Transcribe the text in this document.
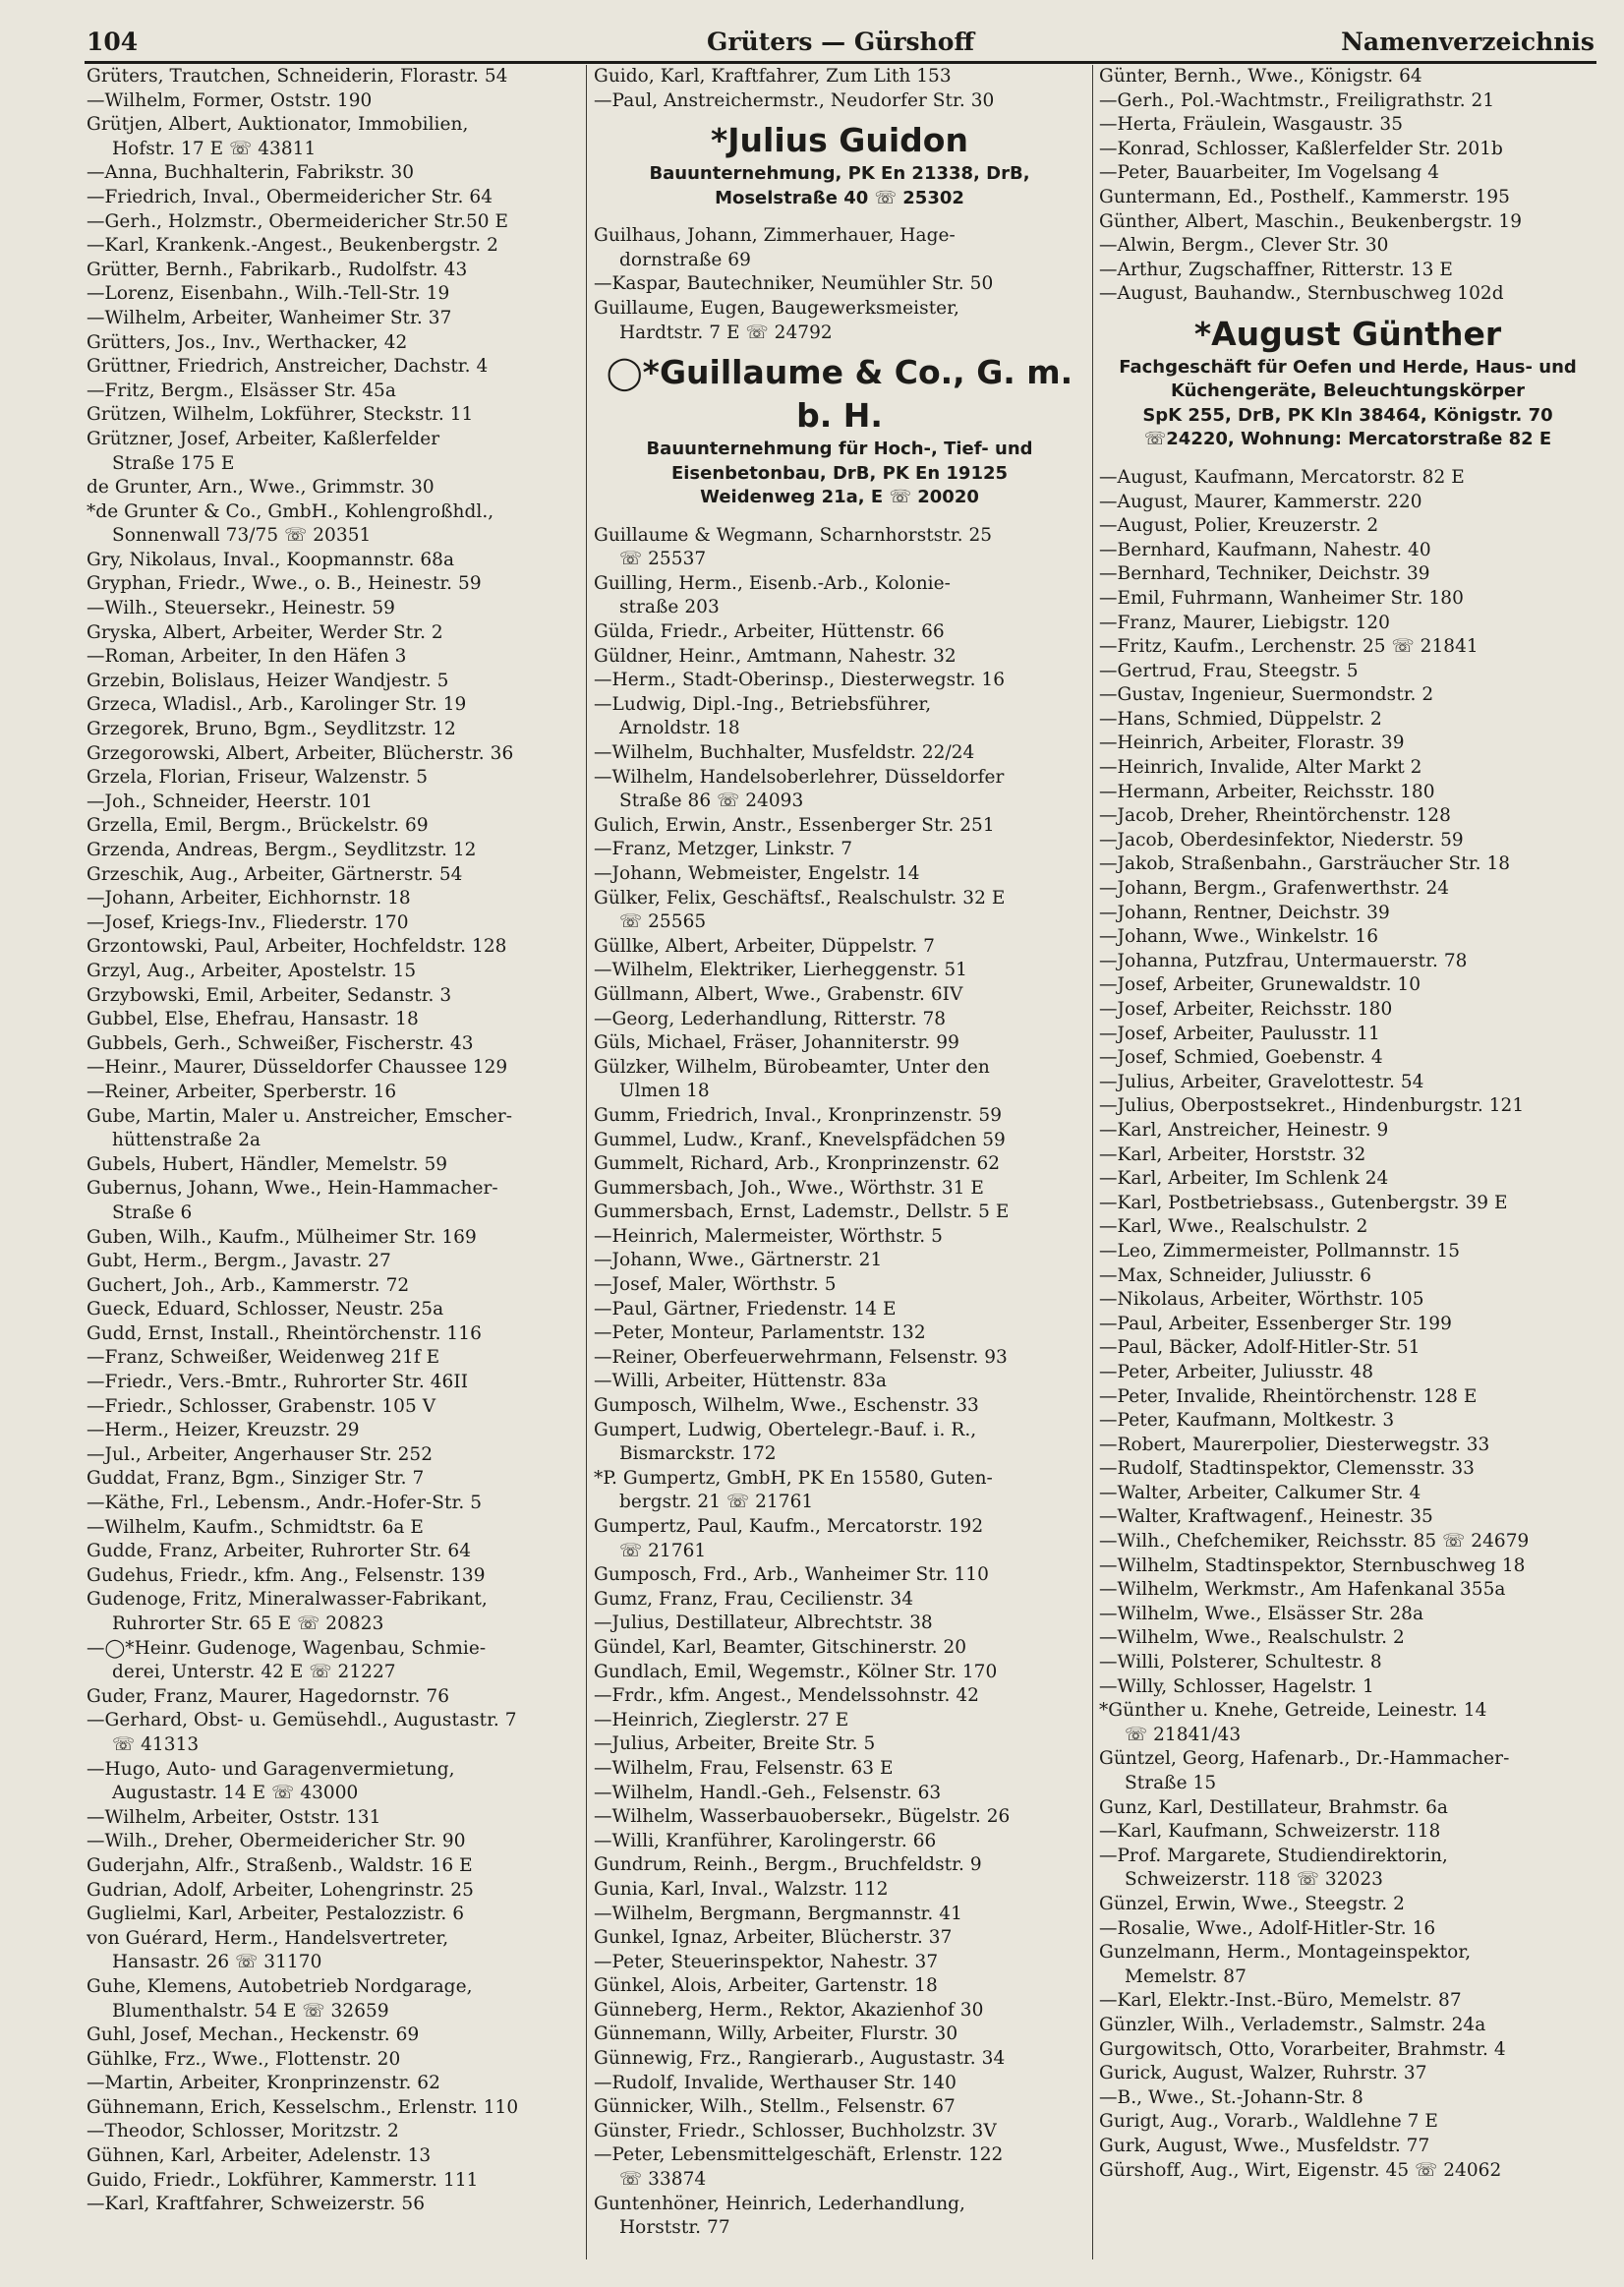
Grüters — Gürshoff
104	Namenverzeichnis
Grüters, Trautchen, Schneiderin, Florastr. 54
—Wilhelm, Former, Oststr. 190
Grütjen, Albert, Auktionator, Immobilien,
Hofstr. 17 E ☏ 43811
—Anna, Buchhalterin, Fabrikstr. 30
—Friedrich, Inval., Obermeidericher Str. 64
—Gerh., Holzmstr., Obermeidericher Str.50 E
—Karl, Krankenk.-Angest., Beukenbergstr. 2
Grütter, Bernh., Fabrikarb., Rudolfstr. 43
—Lorenz, Eisenbahn., Wilh.-Tell-Str. 19
—Wilhelm, Arbeiter, Wanheimer Str. 37
Grütters, Jos., Inv., Werthacker, 42
Grüttner, Friedrich, Anstreicher, Dachstr. 4
—Fritz, Bergm., Elsässer Str. 45a
Grützen, Wilhelm, Lokführer, Steckstr. 11
Grützner, Josef, Arbeiter, Kaßlerfelder
Straße 175 E
de Grunter, Arn., Wwe., Grimmstr. 30
*de Grunter & Co., GmbH., Kohlengroßhdl.,
Sonnenwall 73/75 ☏ 20351
Gry, Nikolaus, Inval., Koopmannstr. 68a
Gryphan, Friedr., Wwe., o. B., Heinestr. 59
—Wilh., Steuersekr., Heinestr. 59
Gryska, Albert, Arbeiter, Werder Str. 2
—Roman, Arbeiter, In den Häfen 3
Grzebin, Bolislaus, Heizer Wandjestr. 5
Grzeca, Wladisl., Arb., Karolinger Str. 19
Grzegorek, Bruno, Bgm., Seydlitzstr. 12
Grzegorowski, Albert, Arbeiter, Blücherstr. 36
Grzela, Florian, Friseur, Walzenstr. 5
—Joh., Schneider, Heerstr. 101
Grzella, Emil, Bergm., Brückelstr. 69
Grzenda, Andreas, Bergm., Seydlitzstr. 12
Grzeschik, Aug., Arbeiter, Gärtnerstr. 54
—Johann, Arbeiter, Eichhornstr. 18
—Josef, Kriegs-Inv., Fliederstr. 170
Grzontowski, Paul, Arbeiter, Hochfeldstr. 128
Grzyl, Aug., Arbeiter, Apostelstr. 15
Grzybowski, Emil, Arbeiter, Sedanstr. 3
Gubbel, Else, Ehefrau, Hansastr. 18
Gubbels, Gerh., Schweißer, Fischerstr. 43
—Heinr., Maurer, Düsseldorfer Chaussee 129
—Reiner, Arbeiter, Sperberstr. 16
Gube, Martin, Maler u. Anstreicher, Emscher-
hüttenstraße 2a
Gubels, Hubert, Händler, Memelstr. 59
Gubernus, Johann, Wwe., Hein-Hammacher-
Straße 6
Guben, Wilh., Kaufm., Mülheimer Str. 169
Gubt, Herm., Bergm., Javastr. 27
Guchert, Joh., Arb., Kammerstr. 72
Gueck, Eduard, Schlosser, Neustr. 25a
Gudd, Ernst, Install., Rheintörchenstr. 116
—Franz, Schweißer, Weidenweg 21f E
—Friedr., Vers.-Bmtr., Ruhrorter Str. 46II
—Friedr., Schlosser, Grabenstr. 105 V
—Herm., Heizer, Kreuzstr. 29
—Jul., Arbeiter, Angerhauser Str. 252
Guddat, Franz, Bgm., Sinziger Str. 7
—Käthe, Frl., Lebensm., Andr.-Hofer-Str. 5
—Wilhelm, Kaufm., Schmidtstr. 6a E
Gudde, Franz, Arbeiter, Ruhrorter Str. 64
Gudehus, Friedr., kfm. Ang., Felsenstr. 139
Gudenoge, Fritz, Mineralwasser-Fabrikant,
Ruhrorter Str. 65 E ☏ 20823
—◯*Heinr. Gudenoge, Wagenbau, Schmie-
derei, Unterstr. 42 E ☏ 21227
Guder, Franz, Maurer, Hagedornstr. 76
—Gerhard, Obst- u. Gemüsehdl., Augustastr. 7
☏ 41313
—Hugo, Auto- und Garagenvermietung,
Augustastr. 14 E ☏ 43000
—Wilhelm, Arbeiter, Oststr. 131
—Wilh., Dreher, Obermeidericher Str. 90
Guderjahn, Alfr., Straßenb., Waldstr. 16 E
Gudrian, Adolf, Arbeiter, Lohengrinstr. 25
Guglielmi, Karl, Arbeiter, Pestalozzistr. 6
von Guérard, Herm., Handelsvertreter,
Hansastr. 26 ☏ 31170
Guhe, Klemens, Autobetrieb Nordgarage,
Blumenthalstr. 54 E ☏ 32659
Guhl, Josef, Mechan., Heckenstr. 69
Gühlke, Frz., Wwe., Flottenstr. 20
—Martin, Arbeiter, Kronprinzenstr. 62
Gühnemann, Erich, Kesselschm., Erlenstr. 110
—Theodor, Schlosser, Moritzstr. 2
Gühnen, Karl, Arbeiter, Adelenstr. 13
Guido, Friedr., Lokführer, Kammerstr. 111
—Karl, Kraftfahrer, Schweizerstr. 56
Guido, Karl, Kraftfahrer, Zum Lith 153
—Paul, Anstreichermstr., Neudorfer Str. 30
*Julius Guidon
Bauunternehmung, PK En 21338, DrB,
Moselstraße 40 ☏ 25302
Guilhaus, Johann, Zimmerhauer, Hage-
dornstraße 69
—Kaspar, Bautechniker, Neumühler Str. 50
Guillaume, Eugen, Baugewerksmeister,
Hardtstr. 7 E ☏ 24792
◯*Guillaume & Co., G. m. b. H.
Bauunternehmung für Hoch-, Tief- und
Eisenbetonbau, DrB, PK En 19125
Weidenweg 21a, E ☏ 20020
Guillaume & Wegmann, Scharnhorststr. 25
☏ 25537
Guilling, Herm., Eisenb.-Arb., Kolonie-
straße 203
Gülda, Friedr., Arbeiter, Hüttenstr. 66
Güldner, Heinr., Amtmann, Nahestr. 32
—Herm., Stadt-Oberinsp., Diesterwegstr. 16
—Ludwig, Dipl.-Ing., Betriebsführer,
Arnoldstr. 18
—Wilhelm, Buchhalter, Musfeldstr. 22/24
—Wilhelm, Handelsoberlehrer, Düsseldorfer
Straße 86 ☏ 24093
Gulich, Erwin, Anstr., Essenberger Str. 251
—Franz, Metzger, Linkstr. 7
—Johann, Webmeister, Engelstr. 14
Gülker, Felix, Geschäftsf., Realschulstr. 32 E
☏ 25565
Güllke, Albert, Arbeiter, Düppelstr. 7
—Wilhelm, Elektriker, Lierheggenstr. 51
Güllmann, Albert, Wwe., Grabenstr. 6IV
—Georg, Lederhandlung, Ritterstr. 78
Güls, Michael, Fräser, Johanniterstr. 99
Gülzker, Wilhelm, Bürobeamter, Unter den
Ulmen 18
Gumm, Friedrich, Inval., Kronprinzenstr. 59
Gummel, Ludw., Kranf., Knevelspfädchen 59
Gummelt, Richard, Arb., Kronprinzenstr. 62
Gummersbach, Joh., Wwe., Wörthstr. 31 E
Gummersbach, Ernst, Lademstr., Dellstr. 5 E
—Heinrich, Malermeister, Wörthstr. 5
—Johann, Wwe., Gärtnerstr. 21
—Josef, Maler, Wörthstr. 5
—Paul, Gärtner, Friedenstr. 14 E
—Peter, Monteur, Parlamentstr. 132
—Reiner, Oberfeuerwehrmann, Felsenstr. 93
—Willi, Arbeiter, Hüttenstr. 83a
Gumposch, Wilhelm, Wwe., Eschenstr. 33
Gumpert, Ludwig, Obertelegr.-Bauf. i. R.,
Bismarckstr. 172
*P. Gumpertz, GmbH, PK En 15580, Guten-
bergstr. 21 ☏ 21761
Gumpertz, Paul, Kaufm., Mercatorstr. 192
☏ 21761
Gumposch, Frd., Arb., Wanheimer Str. 110
Gumz, Franz, Frau, Cecilienstr. 34
—Julius, Destillateur, Albrechtstr. 38
Gündel, Karl, Beamter, Gitschinerstr. 20
Gundlach, Emil, Wegemstr., Kölner Str. 170
—Frdr., kfm. Angest., Mendelssohnstr. 42
—Heinrich, Zieglerstr. 27 E
—Julius, Arbeiter, Breite Str. 5
—Wilhelm, Frau, Felsenstr. 63 E
—Wilhelm, Handl.-Geh., Felsenstr. 63
—Wilhelm, Wasserbauobersekr., Bügelstr. 26
—Willi, Kranführer, Karolingerstr. 66
Gundrum, Reinh., Bergm., Bruchfeldstr. 9
Gunia, Karl, Inval., Walzstr. 112
—Wilhelm, Bergmann, Bergmannstr. 41
Gunkel, Ignaz, Arbeiter, Blücherstr. 37
—Peter, Steuerinspektor, Nahestr. 37
Günkel, Alois, Arbeiter, Gartenstr. 18
Günneberg, Herm., Rektor, Akazienhof 30
Günnemann, Willy, Arbeiter, Flurstr. 30
Günnewig, Frz., Rangierarb., Augustastr. 34
—Rudolf, Invalide, Werthauser Str. 140
Günnicker, Wilh., Stellm., Felsenstr. 67
Günster, Friedr., Schlosser, Buchholzstr. 3V
—Peter, Lebensmittelgeschäft, Erlenstr. 122
☏ 33874
Guntenhöner, Heinrich, Lederhandlung,
Horststr. 77
Günter, Bernh., Wwe., Königstr. 64
—Gerh., Pol.-Wachtmstr., Freiligrathstr. 21
—Herta, Fräulein, Wasgaustr. 35
—Konrad, Schlosser, Kaßlerfelder Str. 201b
—Peter, Bauarbeiter, Im Vogelsang 4
Guntermann, Ed., Posthelf., Kammerstr. 195
Günther, Albert, Maschin., Beukenbergstr. 19
—Alwin, Bergm., Clever Str. 30
—Arthur, Zugschaffner, Ritterstr. 13 E
—August, Bauhandw., Sternbuschweg 102d
*August Günther
Fachgeschäft für Oefen und Herde, Haus- und
Küchengeräte, Beleuchtungskörper
SpK 255, DrB, PK Kln 38464, Königstr. 70
☏24220, Wohnung: Mercatorstraße 82 E
—August, Kaufmann, Mercatorstr. 82 E
—August, Maurer, Kammerstr. 220
—August, Polier, Kreuzerstr. 2
—Bernhard, Kaufmann, Nahestr. 40
—Bernhard, Techniker, Deichstr. 39
—Emil, Fuhrmann, Wanheimer Str. 180
—Franz, Maurer, Liebigstr. 120
—Fritz, Kaufm., Lerchenstr. 25 ☏ 21841
—Gertrud, Frau, Steegstr. 5
—Gustav, Ingenieur, Suermondstr. 2
—Hans, Schmied, Düppelstr. 2
—Heinrich, Arbeiter, Florastr. 39
—Heinrich, Invalide, Alter Markt 2
—Hermann, Arbeiter, Reichsstr. 180
—Jacob, Dreher, Rheintörchenstr. 128
—Jacob, Oberdesinfektor, Niederstr. 59
—Jakob, Straßenbahn., Garsträucher Str. 18
—Johann, Bergm., Grafenwerthstr. 24
—Johann, Rentner, Deichstr. 39
—Johann, Wwe., Winkelstr. 16
—Johanna, Putzfrau, Untermauerstr. 78
—Josef, Arbeiter, Grunewaldstr. 10
—Josef, Arbeiter, Reichsstr. 180
—Josef, Arbeiter, Paulusstr. 11
—Josef, Schmied, Goebenstr. 4
—Julius, Arbeiter, Gravelottestr. 54
—Julius, Oberpostsekret., Hindenburgstr. 121
—Karl, Anstreicher, Heinestr. 9
—Karl, Arbeiter, Horststr. 32
—Karl, Arbeiter, Im Schlenk 24
—Karl, Postbetriebsass., Gutenbergstr. 39 E
—Karl, Wwe., Realschulstr. 2
—Leo, Zimmermeister, Pollmannstr. 15
—Max, Schneider, Juliusstr. 6
—Nikolaus, Arbeiter, Wörthstr. 105
—Paul, Arbeiter, Essenberger Str. 199
—Paul, Bäcker, Adolf-Hitler-Str. 51
—Peter, Arbeiter, Juliusstr. 48
—Peter, Invalide, Rheintörchenstr. 128 E
—Peter, Kaufmann, Moltkestr. 3
—Robert, Maurerpolier, Diesterwegstr. 33
—Rudolf, Stadtinspektor, Clemensstr. 33
—Walter, Arbeiter, Calkumer Str. 4
—Walter, Kraftwagenf., Heinestr. 35
—Wilh., Chefchemiker, Reichsstr. 85 ☏ 24679
—Wilhelm, Stadtinspektor, Sternbuschweg 18
—Wilhelm, Werkmstr., Am Hafenkanal 355a
—Wilhelm, Wwe., Elsässer Str. 28a
—Wilhelm, Wwe., Realschulstr. 2
—Willi, Polsterer, Schultestr. 8
—Willy, Schlosser, Hagelstr. 1
*Günther u. Knehe, Getreide, Leinestr. 14
☏ 21841/43
Güntzel, Georg, Hafenarb., Dr.-Hammacher-
Straße 15
Gunz, Karl, Destillateur, Brahmstr. 6a
—Karl, Kaufmann, Schweizerstr. 118
—Prof. Margarete, Studiendirektorin,
Schweizerstr. 118 ☏ 32023
Günzel, Erwin, Wwe., Steegstr. 2
—Rosalie, Wwe., Adolf-Hitler-Str. 16
Gunzelmann, Herm., Montageinspektor,
Memelstr. 87
—Karl, Elektr.-Inst.-Büro, Memelstr. 87
Günzler, Wilh., Verlademstr., Salmstr. 24a
Gurgowitsch, Otto, Vorarbeiter, Brahmstr. 4
Gurick, August, Walzer, Ruhrstr. 37
—B., Wwe., St.-Johann-Str. 8
Gurigt, Aug., Vorarb., Waldlehne 7 E
Gurk, August, Wwe., Musfeldstr. 77
Gürshoff, Aug., Wirt, Eigenstr. 45 ☏ 24062
